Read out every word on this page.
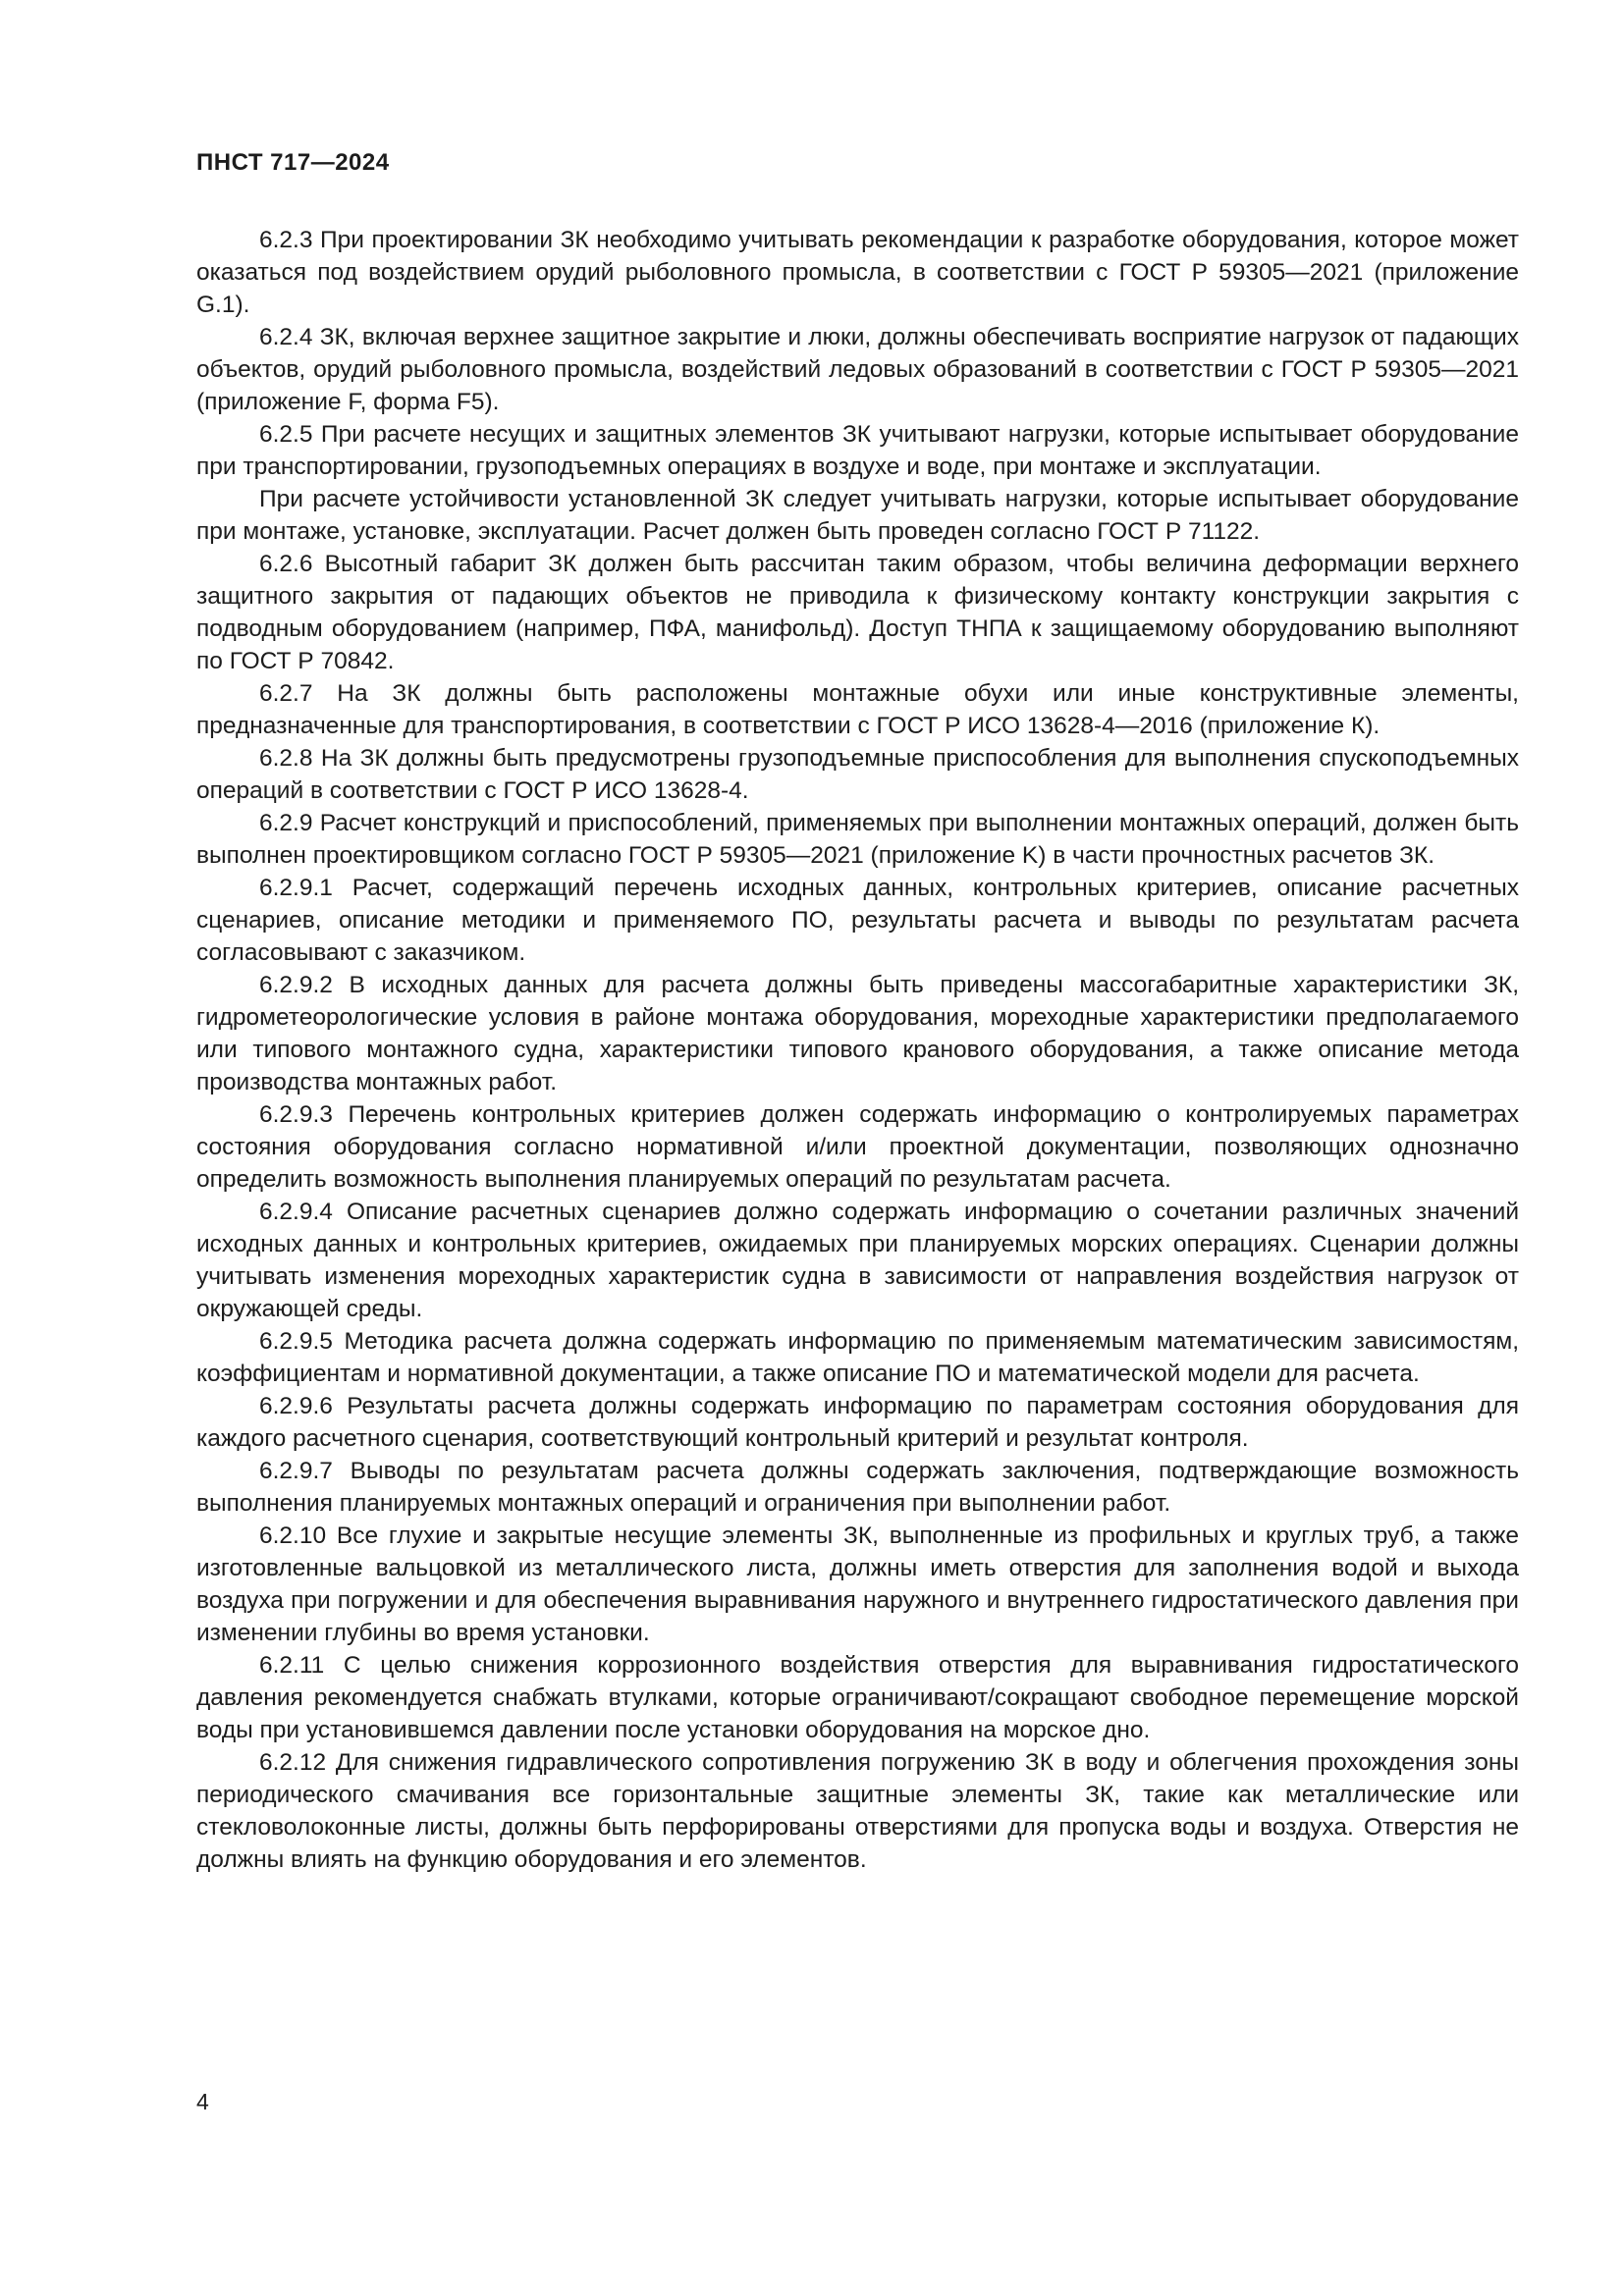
ПНСТ 717—2024

6.2.3 При проектировании ЗК необходимо учитывать рекомендации к разработке оборудования, которое может оказаться под воздействием орудий рыболовного промысла, в соответствии с ГОСТ Р 59305—2021 (приложение G.1).

6.2.4 ЗК, включая верхнее защитное закрытие и люки, должны обеспечивать восприятие нагрузок от падающих объектов, орудий рыболовного промысла, воздействий ледовых образований в соответствии с ГОСТ Р 59305—2021 (приложение F, форма F5).

6.2.5 При расчете несущих и защитных элементов ЗК учитывают нагрузки, которые испытывает оборудование при транспортировании, грузоподъемных операциях в воздухе и воде, при монтаже и эксплуатации.

При расчете устойчивости установленной ЗК следует учитывать нагрузки, которые испытывает оборудование при монтаже, установке, эксплуатации. Расчет должен быть проведен согласно ГОСТ Р 71122.

6.2.6 Высотный габарит ЗК должен быть рассчитан таким образом, чтобы величина деформации верхнего защитного закрытия от падающих объектов не приводила к физическому контакту конструкции закрытия с подводным оборудованием (например, ПФА, манифольд). Доступ ТНПА к защищаемому оборудованию выполняют по ГОСТ Р 70842.

6.2.7 На ЗК должны быть расположены монтажные обухи или иные конструктивные элементы, предназначенные для транспортирования, в соответствии с ГОСТ Р ИСО 13628-4—2016 (приложение К).

6.2.8 На ЗК должны быть предусмотрены грузоподъемные приспособления для выполнения спускоподъемных операций в соответствии с ГОСТ Р ИСО 13628-4.

6.2.9 Расчет конструкций и приспособлений, применяемых при выполнении монтажных операций, должен быть выполнен проектировщиком согласно ГОСТ Р 59305—2021 (приложение K) в части прочностных расчетов ЗК.

6.2.9.1 Расчет, содержащий перечень исходных данных, контрольных критериев, описание расчетных сценариев, описание методики и применяемого ПО, результаты расчета и выводы по результатам расчета согласовывают с заказчиком.

6.2.9.2 В исходных данных для расчета должны быть приведены массогабаритные характеристики ЗК, гидрометеорологические условия в районе монтажа оборудования, мореходные характеристики предполагаемого или типового монтажного судна, характеристики типового кранового оборудования, а также описание метода производства монтажных работ.

6.2.9.3 Перечень контрольных критериев должен содержать информацию о контролируемых параметрах состояния оборудования согласно нормативной и/или проектной документации, позволяющих однозначно определить возможность выполнения планируемых операций по результатам расчета.

6.2.9.4 Описание расчетных сценариев должно содержать информацию о сочетании различных значений исходных данных и контрольных критериев, ожидаемых при планируемых морских операциях. Сценарии должны учитывать изменения мореходных характеристик судна в зависимости от направления воздействия нагрузок от окружающей среды.

6.2.9.5 Методика расчета должна содержать информацию по применяемым математическим зависимостям, коэффициентам и нормативной документации, а также описание ПО и математической модели для расчета.

6.2.9.6 Результаты расчета должны содержать информацию по параметрам состояния оборудования для каждого расчетного сценария, соответствующий контрольный критерий и результат контроля.

6.2.9.7 Выводы по результатам расчета должны содержать заключения, подтверждающие возможность выполнения планируемых монтажных операций и ограничения при выполнении работ.

6.2.10 Все глухие и закрытые несущие элементы ЗК, выполненные из профильных и круглых труб, а также изготовленные вальцовкой из металлического листа, должны иметь отверстия для заполнения водой и выхода воздуха при погружении и для обеспечения выравнивания наружного и внутреннего гидростатического давления при изменении глубины во время установки.

6.2.11 С целью снижения коррозионного воздействия отверстия для выравнивания гидростатического давления рекомендуется снабжать втулками, которые ограничивают/сокращают свободное перемещение морской воды при установившемся давлении после установки оборудования на морское дно.

6.2.12 Для снижения гидравлического сопротивления погружению ЗК в воду и облегчения прохождения зоны периодического смачивания все горизонтальные защитные элементы ЗК, такие как металлические или стекловолоконные листы, должны быть перфорированы отверстиями для пропуска воды и воздуха. Отверстия не должны влиять на функцию оборудования и его элементов.

4
